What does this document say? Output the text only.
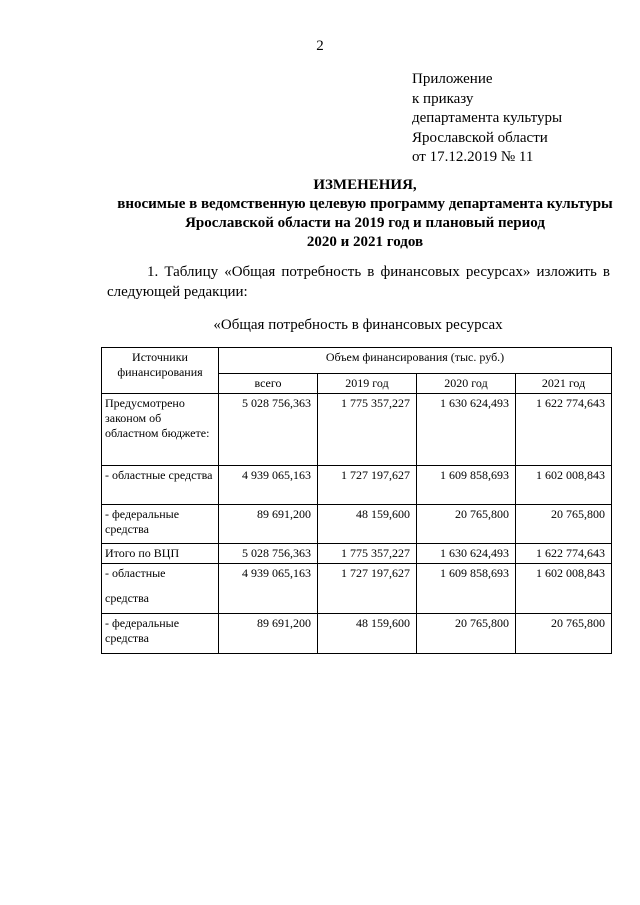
2
Приложение
к приказу
департамента культуры
Ярославской области
от 17.12.2019 № 11
ИЗМЕНЕНИЯ,
вносимые в ведомственную целевую программу департамента культуры
Ярославской области на 2019 год и плановый период
2020 и 2021 годов
1. Таблицу «Общая потребность в финансовых ресурсах» изложить в следующей редакции:
«Общая потребность в финансовых ресурсах
Источники финансирования	Объем финансирования (тыс. руб.)			
	всего	2019 год	2020 год	2021 год
Предусмотрено законом об областном бюджете:	5 028 756,363	1 775 357,227	1 630 624,493	1 622 774,643
- областные средства	4 939 065,163	1 727 197,627	1 609 858,693	1 602 008,843
- федеральные средства	89 691,200	48 159,600	20 765,800	20 765,800
Итого по ВЦП	5 028 756,363	1 775 357,227	1 630 624,493	1 622 774,643
- областные
средства	4 939 065,163	1 727 197,627	1 609 858,693	1 602 008,843
- федеральные средства	89 691,200	48 159,600	20 765,800	20 765,800
